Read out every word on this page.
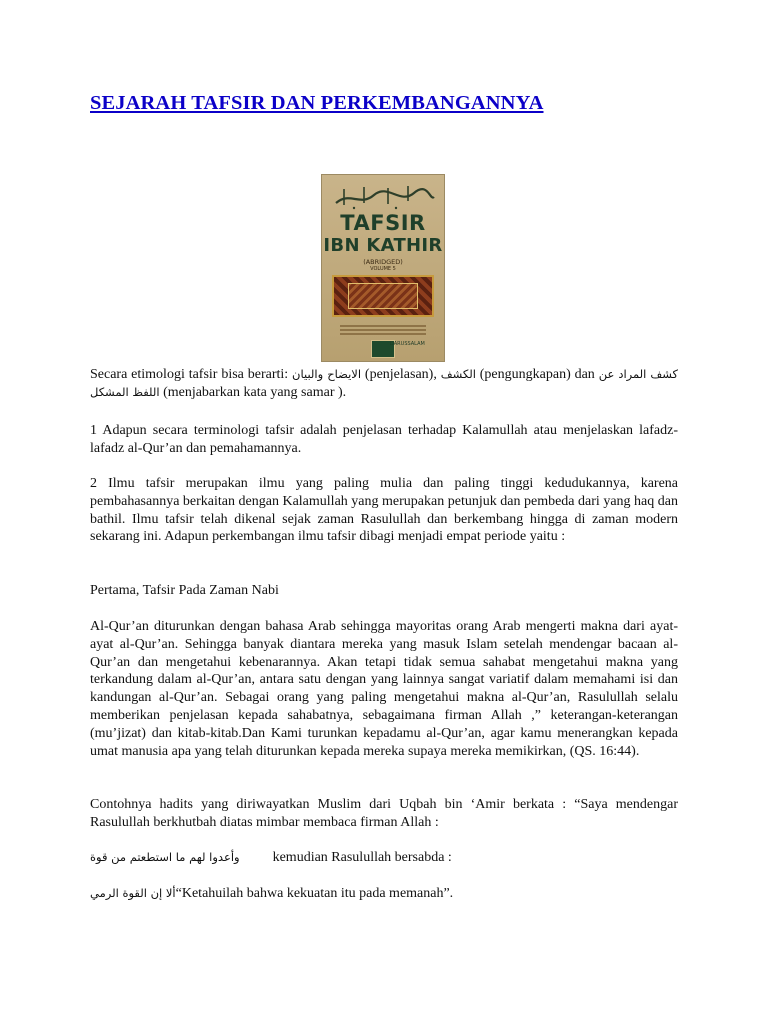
SEJARAH TAFSIR DAN PERKEMBANGANNYA
TAFSIR
IBN KATHIR
(ABRIDGED)
VOLUME 5
DARUSSALAM

Secara etimologi tafsir bisa berarti: الايضاح والبيان (penjelasan), الكشف (pengungkapan) dan كشف المراد عن اللفظ المشكل (menjabarkan kata yang samar ).

1 Adapun secara terminologi tafsir adalah penjelasan terhadap Kalamullah atau menjelaskan lafadz-lafadz al-Qur’an dan pemahamannya.

2 Ilmu tafsir merupakan ilmu yang paling mulia dan paling tinggi kedudukannya, karena pembahasannya berkaitan dengan Kalamullah yang merupakan petunjuk dan pembeda dari yang haq dan bathil. Ilmu tafsir telah dikenal sejak zaman Rasulullah dan berkembang hingga di zaman modern sekarang ini. Adapun perkembangan ilmu tafsir dibagi menjadi empat periode yaitu :

Pertama, Tafsir Pada Zaman Nabi

Al-Qur’an diturunkan dengan bahasa Arab sehingga mayoritas orang Arab mengerti makna dari ayat-ayat al-Qur’an. Sehingga banyak diantara mereka yang masuk Islam setelah mendengar bacaan al-Qur’an dan mengetahui kebenarannya. Akan tetapi tidak semua sahabat mengetahui makna yang terkandung dalam al-Qur’an, antara satu dengan yang lainnya sangat variatif dalam memahami isi dan kandungan al-Qur’an. Sebagai orang yang paling mengetahui makna al-Qur’an, Rasulullah selalu memberikan penjelasan kepada sahabatnya, sebagaimana firman Allah ,” keterangan-keterangan (mu’jizat) dan kitab-kitab.Dan Kami turunkan kepadamu al-Qur’an, agar kamu menerangkan kepada umat manusia apa yang telah diturunkan kepada mereka supaya mereka memikirkan, (QS. 16:44).

Contohnya hadits yang diriwayatkan Muslim dari Uqbah bin ‘Amir berkata : “Saya mendengar Rasulullah berkhutbah diatas mimbar membaca firman Allah :

وأعدوا لهم ما استطعتم من قوة kemudian Rasulullah bersabda :

ألا إن القوة الرمي“Ketahuilah bahwa kekuatan itu pada memanah”.
